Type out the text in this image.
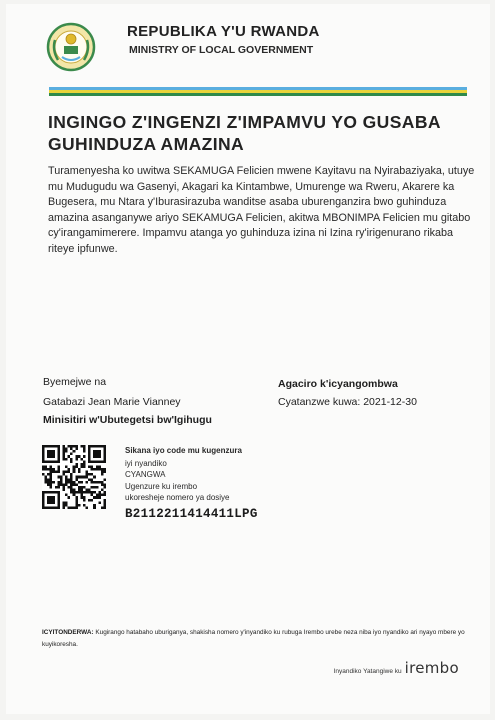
REPUBLIKA Y'U RWANDA
MINISTRY OF LOCAL GOVERNMENT
INGINGO Z'INGENZI Z'IMPAMVU YO GUSABA GUHINDUZA AMAZINA
Turamenyesha ko uwitwa SEKAMUGA Felicien mwene Kayitavu na Nyirabaziyaka, utuye mu Mudugudu wa Gasenyi, Akagari ka Kintambwe, Umurenge wa Rweru, Akarere ka Bugesera, mu Ntara y'Iburasirazuba wanditse asaba uburenganzira bwo guhinduza amazina asanganywe ariyo SEKAMUGA Felicien, akitwa MBONIMPA Felicien mu gitabo cy'irangamimerere. Impamvu atanga yo guhinduza izina ni Izina ry'irigenurano rikaba riteye ipfunwe.
Byemejwe na
Gatabazi Jean Marie Vianney
Minisitiri w'Ubutegetsi bw'Igihugu
Agaciro k'icyangombwa
Cyatanzwe kuwa: 2021-12-30
Sikana iyo code mu kugenzura
iyi nyandiko
CYANGWA
Ugenzure ku irembo
ukoresheje nomero ya dosiye
B2112211414411LPG
ICYITONDERWA: Kugirango hatabaho uburiganya, shakisha nomero y'inyandiko ku rubuga Irembo urebe neza niba iyo nyandiko ari nyayo mbere yo kuyikoresha.
Inyandiko Yatangiwe ku irembo
